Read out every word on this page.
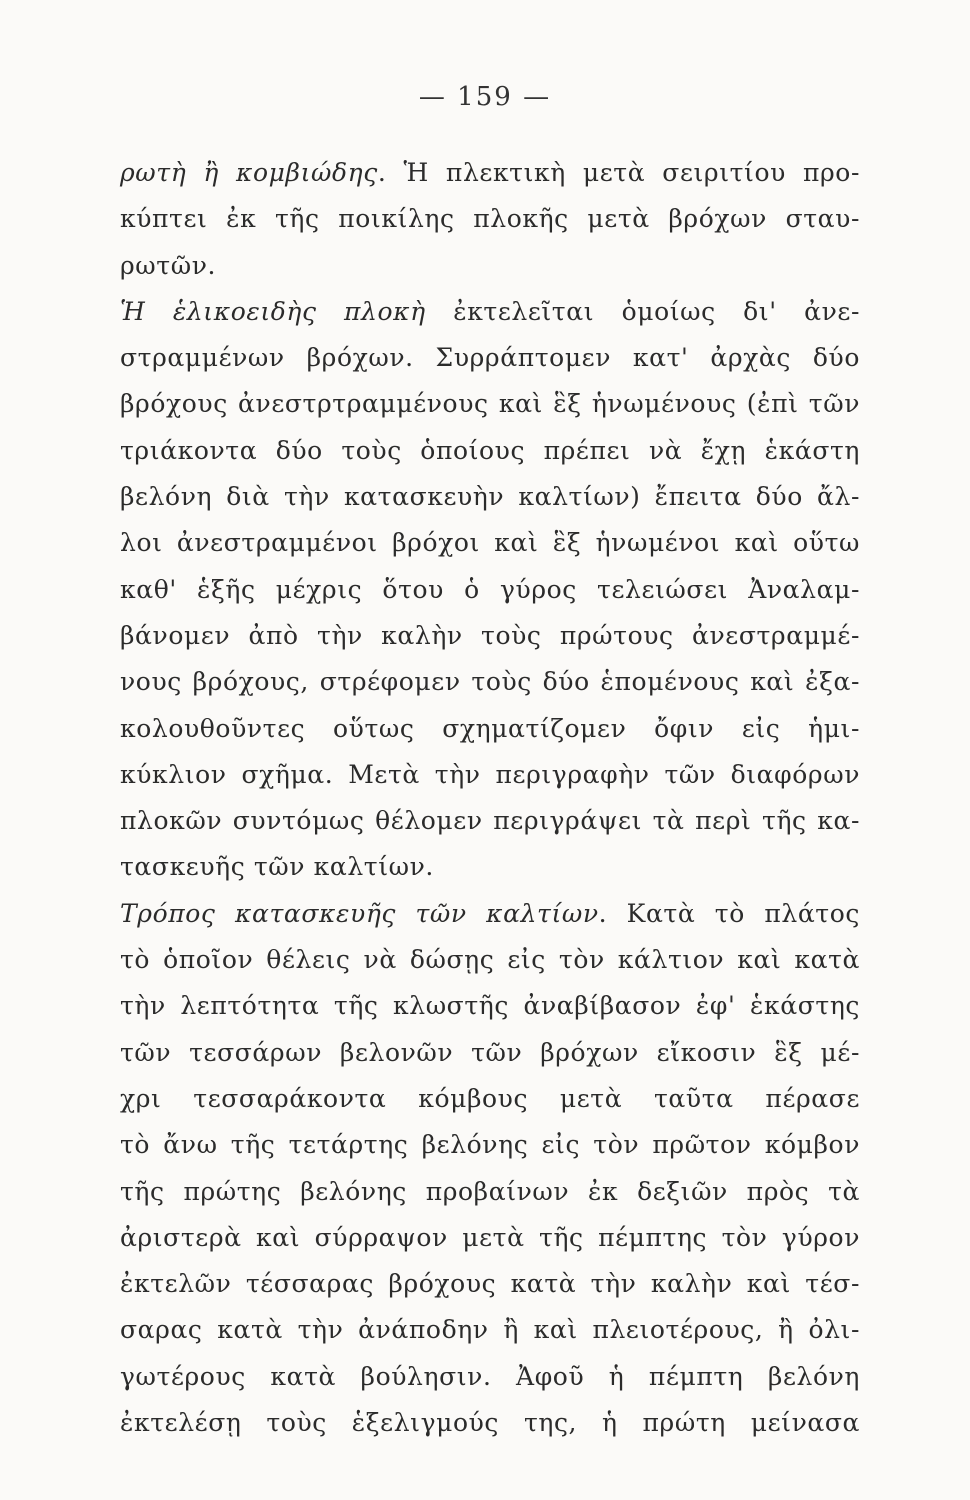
— 159 —
ρωτὴ ἢ κομβιώδης. Ἡ πλεκτικὴ μετὰ σειριτίου προ-
κύπτει ἐκ τῆς ποικίλης πλοκῆς μετὰ βρόχων σταυ-
ρωτῶν.
Ἡ ἑλικοειδὴς πλοκὴ ἐκτελεῖται ὁμοίως δι' ἀνε-
στραμμένων βρόχων. Συρράπτομεν κατ' ἀρχὰς δύο
βρόχους ἀνεστρτραμμένους καὶ ἓξ ἡνωμένους (ἐπὶ τῶν
τριάκοντα δύο τοὺς ὁποίους πρέπει νὰ ἔχῃ ἑκάστη
βελόνη διὰ τὴν κατασκευὴν καλτίων) ἔπειτα δύο ἄλ-
λοι ἀνεστραμμένοι βρόχοι καὶ ἓξ ἡνωμένοι καὶ οὕτω
καθ' ἑξῆς μέχρις ὅτου ὁ γύρος τελειώσει Ἀναλαμ-
βάνομεν ἀπὸ τὴν καλὴν τοὺς πρώτους ἀνεστραμμέ-
νους βρόχους, στρέφομεν τοὺς δύο ἑπομένους καὶ ἐξα-
κολουθοῦντες οὕτως σχηματίζομεν ὄφιν εἰς ἡμι-
κύκλιον σχῆμα. Μετὰ τὴν περιγραφὴν τῶν διαφόρων
πλοκῶν συντόμως θέλομεν περιγράψει τὰ περὶ τῆς κα-
τασκευῆς τῶν καλτίων.
Τρόπος κατασκευῆς τῶν καλτίων. Κατὰ τὸ πλάτος
τὸ ὁποῖον θέλεις νὰ δώσῃς εἰς τὸν κάλτιον καὶ κατὰ
τὴν λεπτότητα τῆς κλωστῆς ἀναβίβασον ἐφ' ἑκάστης
τῶν τεσσάρων βελονῶν τῶν βρόχων εἴκοσιν ἓξ μέ-
χρι τεσσαράκοντα κόμβους μετὰ ταῦτα πέρασε
τὸ ἄνω τῆς τετάρτης βελόνης εἰς τὸν πρῶτον κόμβον
τῆς πρώτης βελόνης προβαίνων ἐκ δεξιῶν πρὸς τὰ
ἀριστερὰ καὶ σύρραψον μετὰ τῆς πέμπτης τὸν γύρον
ἐκτελῶν τέσσαρας βρόχους κατὰ τὴν καλὴν καὶ τέσ-
σαρας κατὰ τὴν ἀνάποδην ἢ καὶ πλειοτέρους, ἢ ὀλι-
γωτέρους κατὰ βούλησιν. Ἀφοῦ ἡ πέμπτη βελόνη
ἐκτελέσῃ τοὺς ἑξελιγμούς της, ἡ πρώτη μείνασα
